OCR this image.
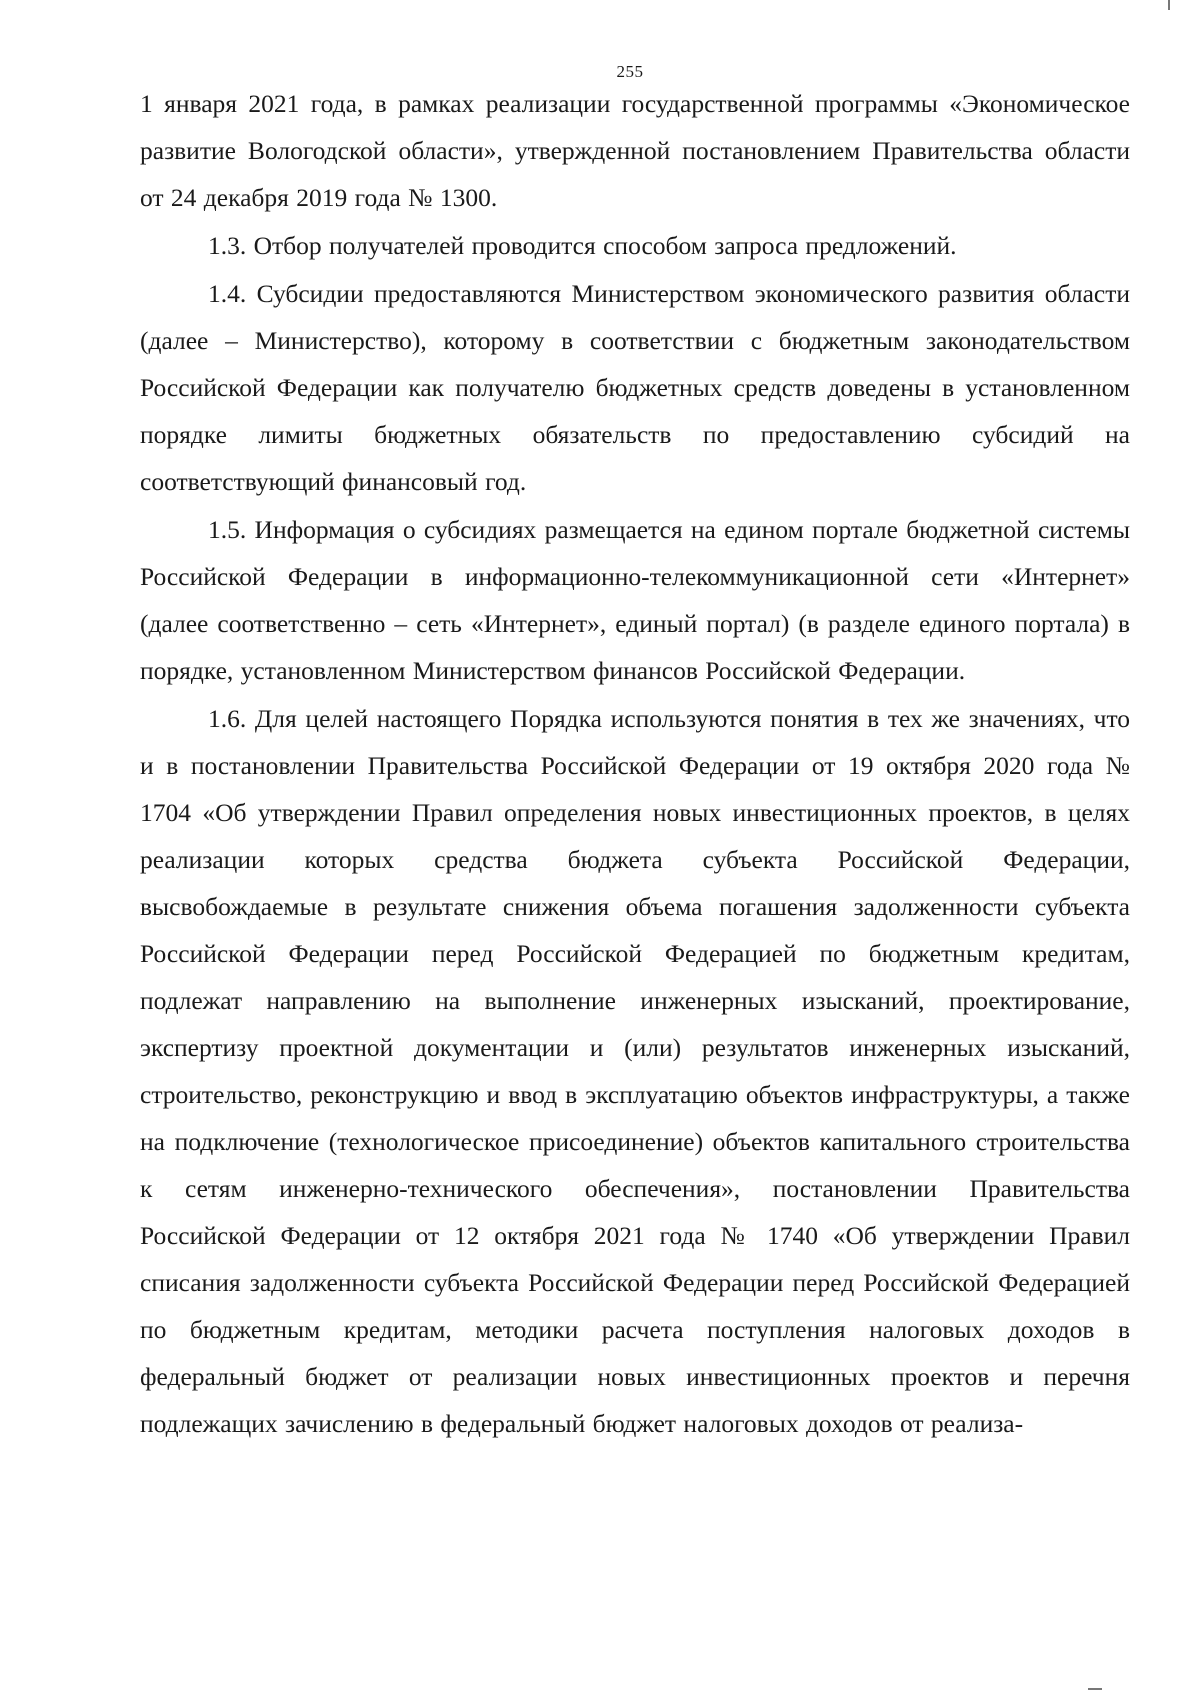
255

1 января 2021 года, в рамках реализации государственной программы «Экономическое развитие Вологодской области», утвержденной постановлением Правительства области от 24 декабря 2019 года № 1300.

1.3. Отбор получателей проводится способом запроса предложений.

1.4. Субсидии предоставляются Министерством экономического развития области (далее – Министерство), которому в соответствии с бюджетным законодательством Российской Федерации как получателю бюджетных средств доведены в установленном порядке лимиты бюджетных обязательств по предоставлению субсидий на соответствующий финансовый год.

1.5. Информация о субсидиях размещается на едином портале бюджетной системы Российской Федерации в информационно-телекоммуникационной сети «Интернет» (далее соответственно – сеть «Интернет», единый портал) (в разделе единого портала) в порядке, установленном Министерством финансов Российской Федерации.

1.6. Для целей настоящего Порядка используются понятия в тех же значениях, что и в постановлении Правительства Российской Федерации от 19 октября 2020 года № 1704 «Об утверждении Правил определения новых инвестиционных проектов, в целях реализации которых средства бюджета субъекта Российской Федерации, высвобождаемые в результате снижения объема погашения задолженности субъекта Российской Федерации перед Российской Федерацией по бюджетным кредитам, подлежат направлению на выполнение инженерных изысканий, проектирование, экспертизу проектной документации и (или) результатов инженерных изысканий, строительство, реконструкцию и ввод в эксплуатацию объектов инфраструктуры, а также на подключение (технологическое присоединение) объектов капитального строительства к сетям инженерно-технического обеспечения», постановлении Правительства Российской Федерации от 12 октября 2021 года № 1740 «Об утверждении Правил списания задолженности субъекта Российской Федерации перед Российской Федерацией по бюджетным кредитам, методики расчета поступления налоговых доходов в федеральный бюджет от реализации новых инвестиционных проектов и перечня подлежащих зачислению в федеральный бюджет налоговых доходов от реализа-
